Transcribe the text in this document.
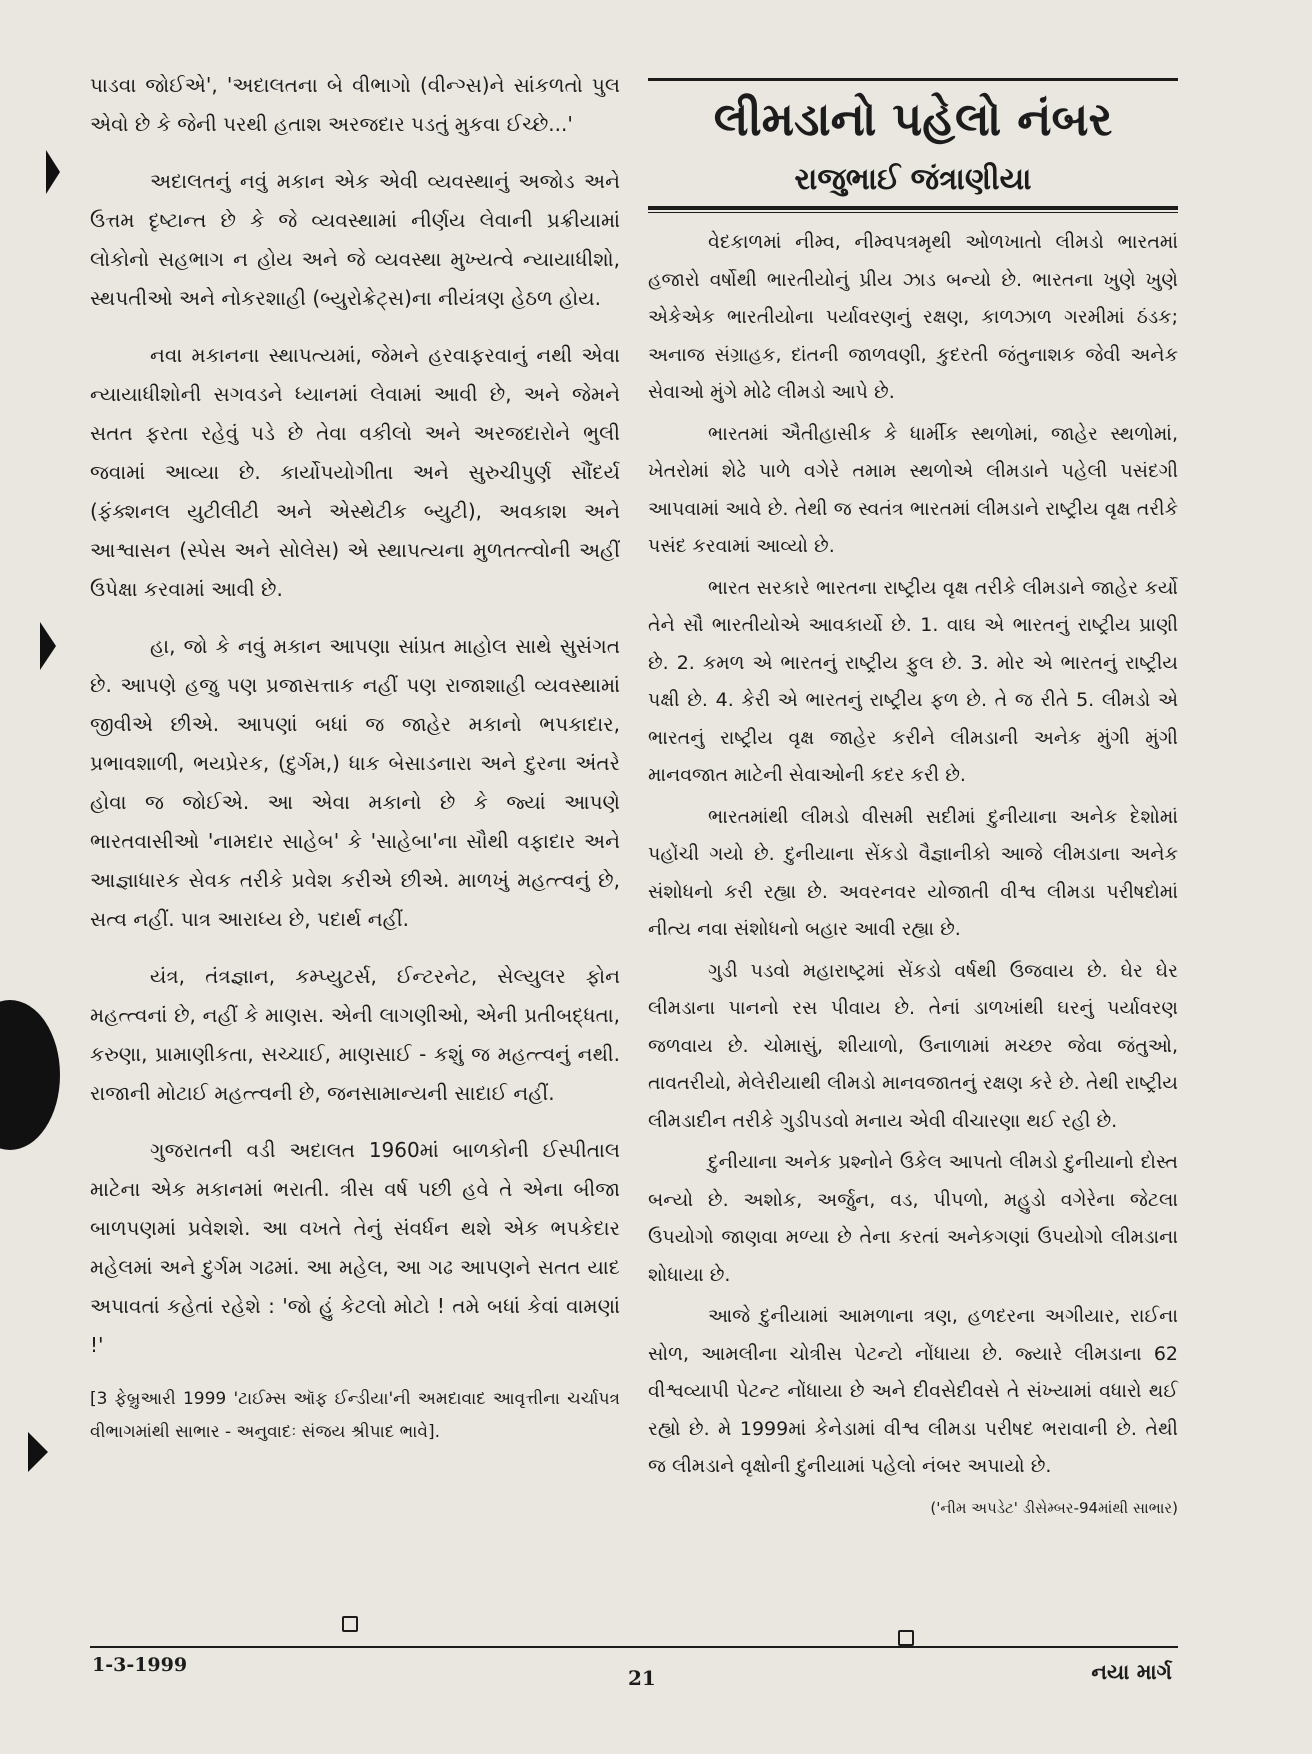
પાડવા જોઈએ', 'અદાલતના બે વીભાગો (વીન્ગ્સ)ને સાંકળતો પુલ એવો છે કે જેની પરથી હતાશ અરજદાર પડતું મુકવા ઈચ્છે...'

અદાલતનું નવું મકાન એક એવી વ્યવસ્થાનું અજોડ અને ઉત્તમ દૃષ્ટાન્ત છે કે જે વ્યવસ્થામાં નીર્ણય લેવાની પ્રક્રીયામાં લોકોનો સહભાગ ન હોય અને જે વ્યવસ્થા મુખ્યત્વે ન્યાયાધીશો, સ્થપતીઓ અને નોકરશાહી (બ્યુરોક્રેટ્સ)ના નીયંત્રણ હેઠળ હોય.

નવા મકાનના સ્થાપત્યમાં, જેમને હરવાફરવાનું નથી એવા ન્યાયાધીશોની સગવડને ધ્યાનમાં લેવામાં આવી છે, અને જેમને સતત ફરતા રહેવું પડે છે તેવા વકીલો અને અરજદારોને ભુલી જવામાં આવ્યા છે. કાર્યોપયોગીતા અને સુરુચીપુર્ણ સૌંદર્ય (ફંક્શનલ યુટીલીટી અને એસ્થેટીક બ્યુટી), અવકાશ અને આશ્વાસન (સ્પેસ અને સોલેસ) એ સ્થાપત્યના મુળતત્ત્વોની અહીં ઉપેક્ષા કરવામાં આવી છે.

હા, જો કે નવું મકાન આપણા સાંપ્રત માહોલ સાથે સુસંગત છે. આપણે હજુ પણ પ્રજાસત્તાક નહીં પણ રાજાશાહી વ્યવસ્થામાં જીવીએ છીએ. આપણાં બધાં જ જાહેર મકાનો ભપકાદાર, પ્રભાવશાળી, ભયપ્રેરક, (દુર્ગમ,) ધાક બેસાડનારા અને દુરના અંતરે હોવા જ જોઈએ. આ એવા મકાનો છે કે જ્યાં આપણે ભારતવાસીઓ 'નામદાર સાહેબ' કે 'સાહેબા'ના સૌથી વફાદાર અને આજ્ઞાધારક સેવક તરીકે પ્રવેશ કરીએ છીએ. માળખું મહત્ત્વનું છે, સત્વ નહીં. પાત્ર આરાધ્ય છે, પદાર્થ નહીં.

યંત્ર, તંત્રજ્ઞાન, કમ્પ્યુટર્સ, ઈન્ટરનેટ, સેલ્યુલર ફોન મહત્ત્વનાં છે, નહીં કે માણસ. એની લાગણીઓ, એની પ્રતીબદ્ધતા, કરુણા, પ્રામાણીકતા, સચ્ચાઈ, માણસાઈ - કશું જ મહત્ત્વનું નથી. રાજાની મોટાઈ મહત્ત્વની છે, જનસામાન્યની સાદાઈ નહીં.

ગુજરાતની વડી અદાલત 1960માં બાળકોની ઈસ્પીતાલ માટેના એક મકાનમાં ભરાતી. ત્રીસ વર્ષ પછી હવે તે એના બીજા બાળપણમાં પ્રવેશશે. આ વખતે તેનું સંવર્ધન થશે એક ભપકેદાર મહેલમાં અને દુર્ગમ ગઢમાં. આ મહેલ, આ ગઢ આપણને સતત યાદ અપાવતાં કહેતાં રહેશે : 'જો હું કેટલો મોટો ! તમે બધાં કેવાં વામણાં !'

[3 ફેબ્રુઆરી 1999 'ટાઈમ્સ ઑફ ઈન્ડીયા'ની અમદાવાદ આવૃત્તીના ચર્ચાપત્ર વીભાગમાંથી સાભાર - અનુવાદઃ સંજય શ્રીપાદ ભાવે].

લીમડાનો પહેલો નંબર
રાજુભાઈ જંત્રાણીયા

વેદકાળમાં નીમ્વ, નીમ્વપત્રમૃથી ઓળખાતો લીમડો ભારતમાં હજારો વર્ષોથી ભારતીયોનું પ્રીય ઝાડ બન્યો છે. ભારતના ખુણે ખુણે એકેએક ભારતીયોના પર્યાવરણનું રક્ષણ, કાળઝાળ ગરમીમાં ઠંડક; અનાજ સંગ્રાહક, દાંતની જાળવણી, કુદરતી જંતુનાશક જેવી અનેક સેવાઓ મુંગે મોઢે લીમડો આપે છે.

ભારતમાં ઐતીહાસીક કે ધાર્મીક સ્થળોમાં, જાહેર સ્થળોમાં, ખેતરોમાં શેઢે પાળે વગેરે તમામ સ્થળોએ લીમડાને પહેલી પસંદગી આપવામાં આવે છે. તેથી જ સ્વતંત્ર ભારતમાં લીમડાને રાષ્ટ્રીય વૃક્ષ તરીકે પસંદ કરવામાં આવ્યો છે.

ભારત સરકારે ભારતના રાષ્ટ્રીય વૃક્ષ તરીકે લીમડાને જાહેર કર્યો તેને સૌ ભારતીયોએ આવકાર્યો છે. 1. વાઘ એ ભારતનું રાષ્ટ્રીય પ્રાણી છે. 2. કમળ એ ભારતનું રાષ્ટ્રીય ફુલ છે. 3. મોર એ ભારતનું રાષ્ટ્રીય પક્ષી છે. 4. કેરી એ ભારતનું રાષ્ટ્રીય ફળ છે. તે જ રીતે 5. લીમડો એ ભારતનું રાષ્ટ્રીય વૃક્ષ જાહેર કરીને લીમડાની અનેક મુંગી મુંગી માનવજાત માટેની સેવાઓની કદર કરી છે.

ભારતમાંથી લીમડો વીસમી સદીમાં દુનીયાના અનેક દેશોમાં પહોંચી ગયો છે. દુનીયાના સેંકડો વૈજ્ઞાનીકો આજે લીમડાના અનેક સંશોધનો કરી રહ્યા છે. અવરનવર યોજાતી વીશ્વ લીમડા પરીષદોમાં નીત્ય નવા સંશોધનો બહાર આવી રહ્યા છે.

ગુડી પડવો મહારાષ્ટ્રમાં સેંકડો વર્ષથી ઉજવાય છે. ઘેર ઘેર લીમડાના પાનનો રસ પીવાય છે. તેનાં ડાળખાંથી ઘરનું પર્યાવરણ જળવાય છે. ચોમાસું, શીયાળો, ઉનાળામાં મચ્છર જેવા જંતુઓ, તાવતરીયો, મેલેરીયાથી લીમડો માનવજાતનું રક્ષણ કરે છે. તેથી રાષ્ટ્રીય લીમડાદીન તરીકે ગુડીપડવો મનાય એવી વીચારણા થઈ રહી છે.

દુનીયાના અનેક પ્રશ્નોને ઉકેલ આપતો લીમડો દુનીયાનો દોસ્ત બન્યો છે. અશોક, અર્જુન, વડ, પીપળો, મહુડો વગેરેના જેટલા ઉપયોગો જાણવા મળ્યા છે તેના કરતાં અનેકગણાં ઉપયોગો લીમડાના શોધાયા છે.

આજે દુનીયામાં આમળાના ત્રણ, હળદરના અગીયાર, રાઈના સોળ, આમલીના ચોત્રીસ પેટન્ટો નોંધાયા છે. જ્યારે લીમડાના 62 વીશ્વવ્યાપી પેટન્ટ નોંધાયા છે અને દીવસેદીવસે તે સંખ્યામાં વધારો થઈ રહ્યો છે. મે 1999માં કેનેડામાં વીશ્વ લીમડા પરીષદ ભરાવાની છે. તેથી જ લીમડાને વૃક્ષોની દુનીયામાં પહેલો નંબર અપાયો છે.

('નીમ અપડેટ' ડીસેમ્બર-94માંથી સાભાર)

1-3-1999
21	નયા માર્ગ
